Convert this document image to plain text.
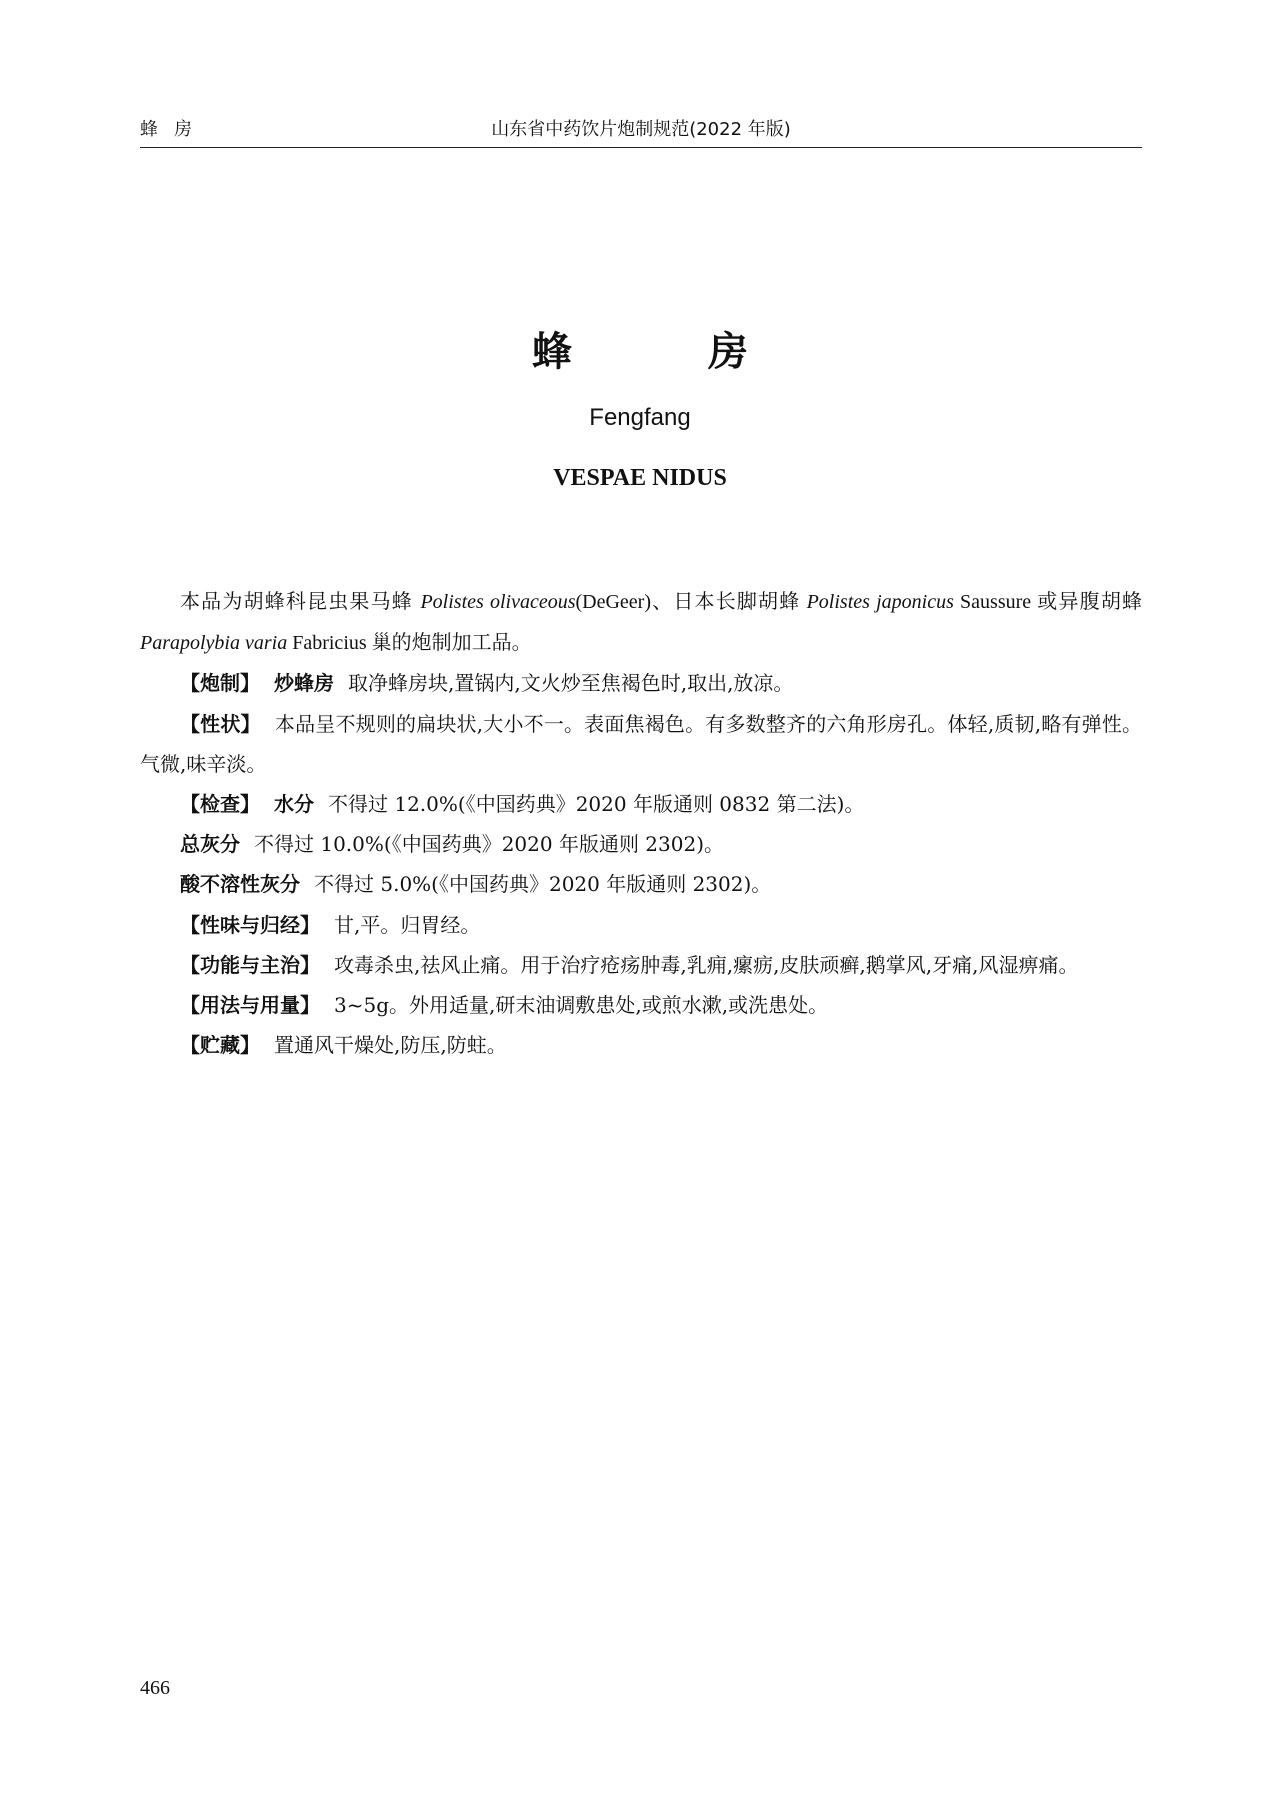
蜂房	山东省中药饮片炮制规范(2022 年版)
蜂　房
Fengfang
VESPAE NIDUS

本品为胡蜂科昆虫果马蜂 Polistes olivaceous(DeGeer)、日本长脚胡蜂 Polistes japonicus Saussure 或异腹胡蜂 Parapolybia varia Fabricius 巢的炮制加工品。

【炮制】 炒蜂房 取净蜂房块,置锅内,文火炒至焦褐色时,取出,放凉。

【性状】 本品呈不规则的扁块状,大小不一。表面焦褐色。有多数整齐的六角形房孔。体轻,质韧,略有弹性。气微,味辛淡。

【检查】 水分 不得过 12.0%(《中国药典》2020 年版通则 0832 第二法)。

总灰分 不得过 10.0%(《中国药典》2020 年版通则 2302)。

酸不溶性灰分 不得过 5.0%(《中国药典》2020 年版通则 2302)。

【性味与归经】 甘,平。归胃经。

【功能与主治】 攻毒杀虫,祛风止痛。用于治疗疮疡肿毒,乳痈,瘰疬,皮肤顽癣,鹅掌风,牙痛,风湿痹痛。

【用法与用量】 3~5g。外用适量,研末油调敷患处,或煎水漱,或洗患处。

【贮藏】 置通风干燥处,防压,防蛀。

466
